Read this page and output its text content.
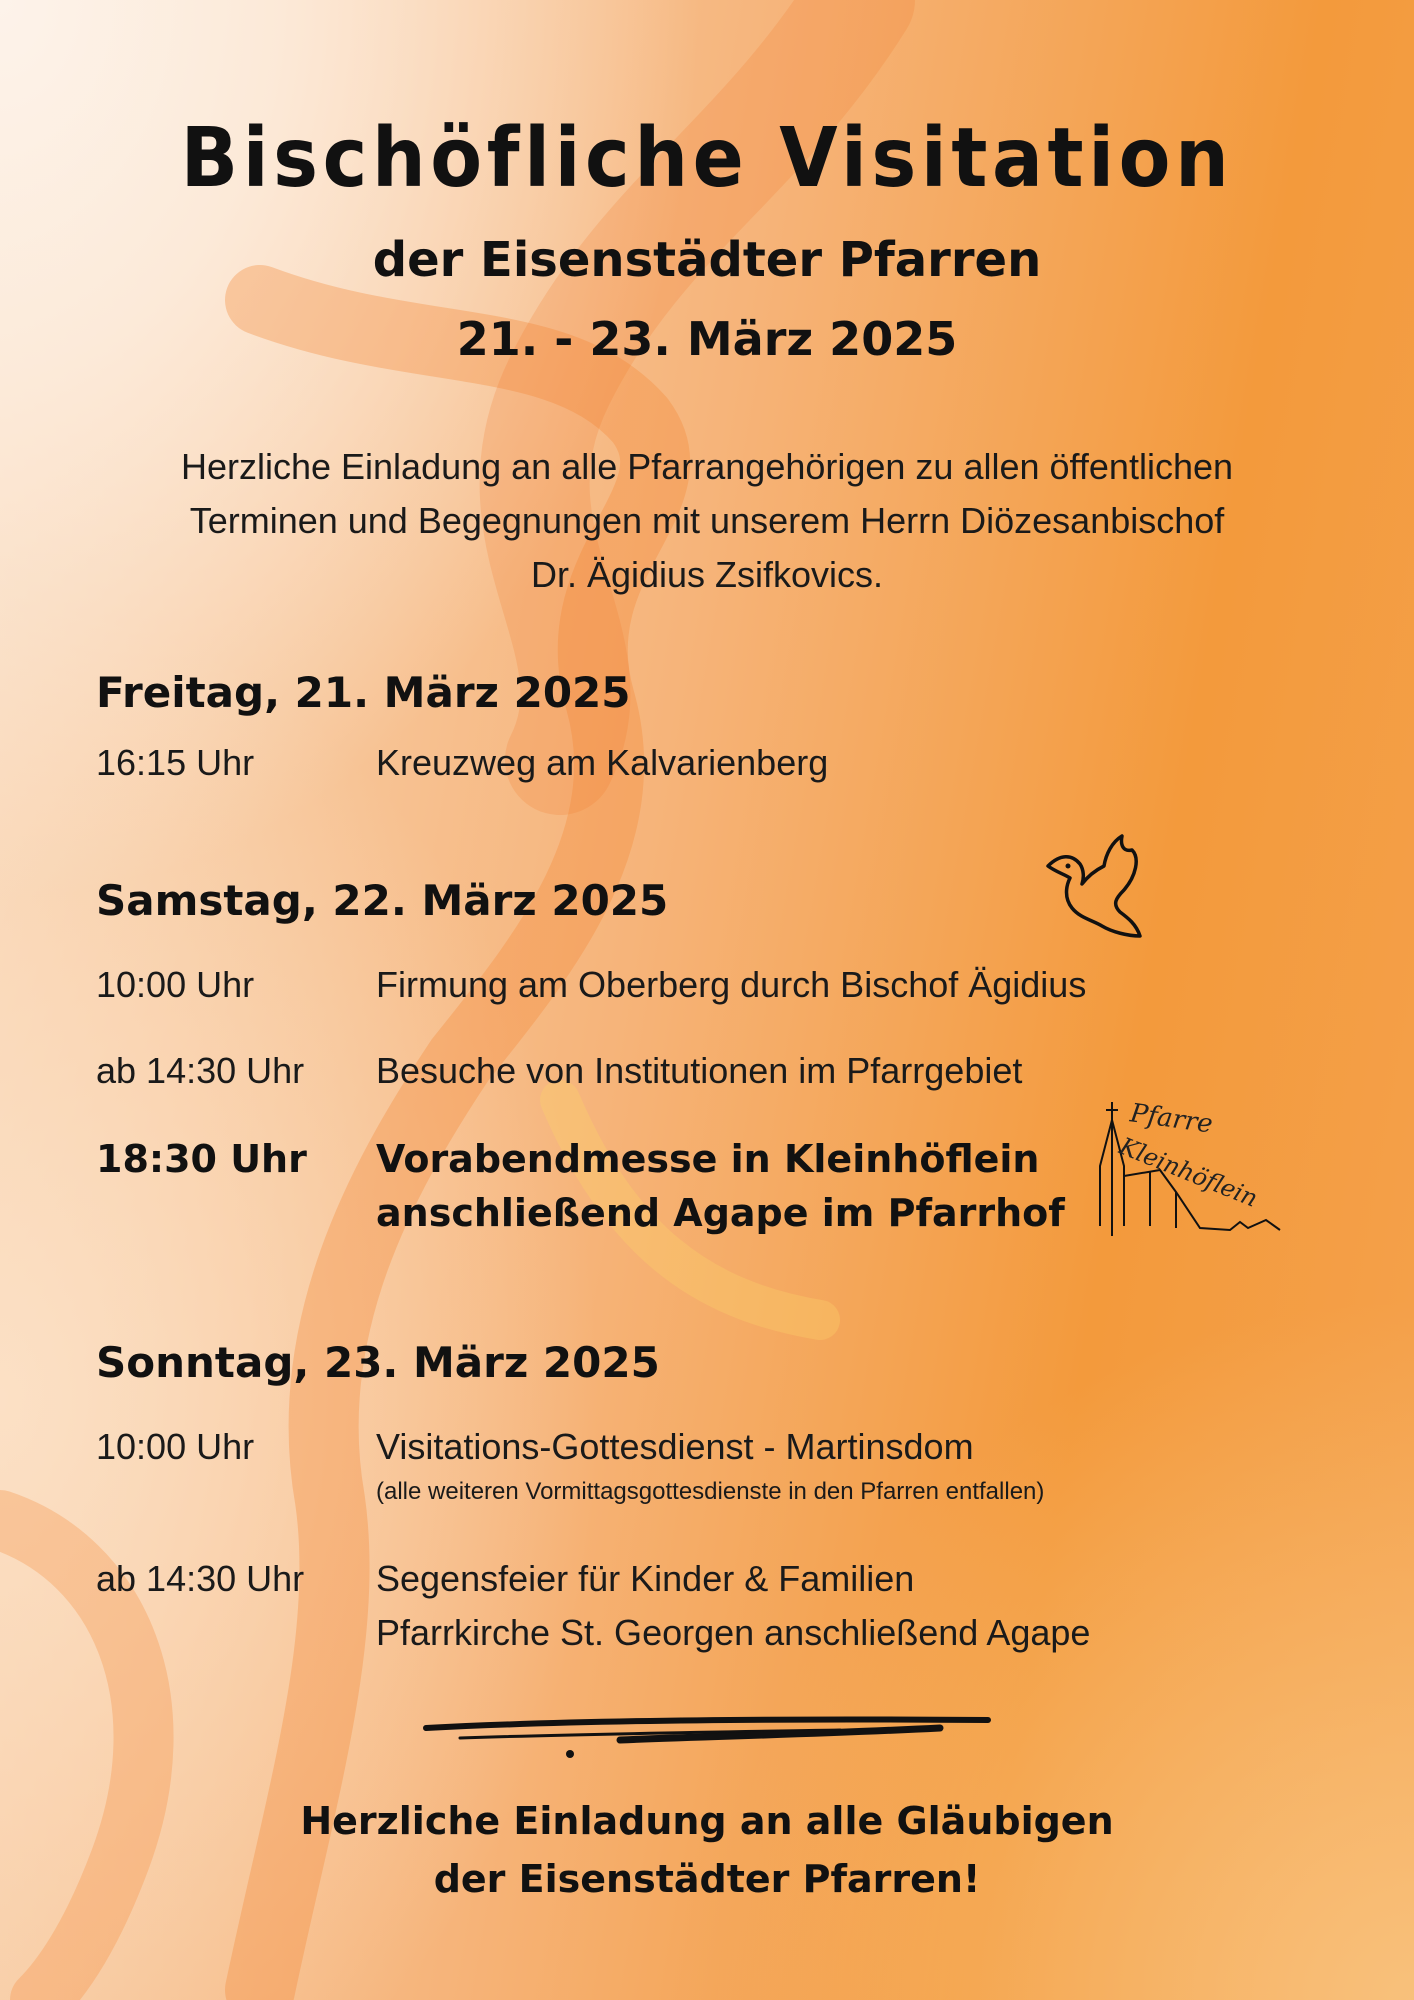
Bischöfliche Visitation
der Eisenstädter Pfarren
21. - 23. März 2025

Herzliche Einladung an alle Pfarrangehörigen zu allen öffentlichen
Terminen und Begegnungen mit unserem Herrn Diözesanbischof
Dr. Ägidius Zsifkovics.

Freitag, 21. März 2025
16:15 Uhr	Kreuzweg am Kalvarienberg
Samstag, 22. März 2025
10:00 Uhr	Firmung am Oberberg durch Bischof Ägidius
ab 14:30 Uhr Besuche von Institutionen im Pfarrgebiet
18:30 Uhr Vorabendmesse in Kleinhöflein
anschließend Agape im Pfarrhof
Sonntag, 23. März 2025
10:00 Uhr	Visitations-Gottesdienst - Martinsdom
(alle weiteren Vormittagsgottesdienste in den Pfarren entfallen)
ab 14:30 Uhr Segensfeier für Kinder & Familien
Pfarrkirche St. Georgen anschließend Agape
Pfarre
Kleinhöflein

Herzliche Einladung an alle Gläubigen
der Eisenstädter Pfarren!
